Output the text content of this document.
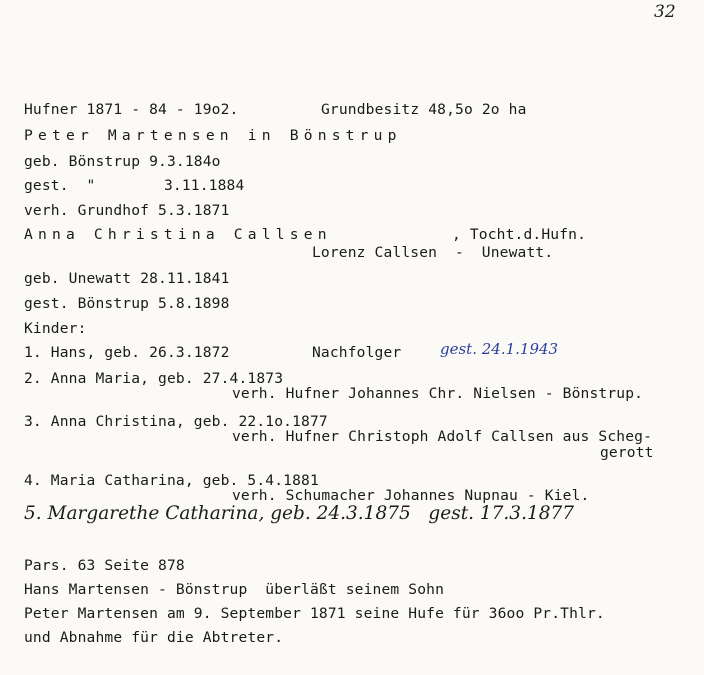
32
Hufner 1871 - 84 - 19o2.	Grundbesitz 48,5o 2o ha
Peter Martensen in Bönstrup
geb. Bönstrup 9.3.184o
gest.  "	3.11.1884
verh. Grundhof 5.3.1871
Anna Christina Callsen	, Tocht.d.Hufn.
Lorenz Callsen  -  Unewatt.
geb. Unewatt 28.11.1841
gest. Bönstrup 5.8.1898
Kinder:
1. Hans, geb. 26.3.1872	Nachfolger	gest. 24.1.1943
2. Anna Maria, geb. 27.4.1873
verh. Hufner Johannes Chr. Nielsen - Bönstrup.
3. Anna Christina, geb. 22.1o.1877
verh. Hufner Christoph Adolf Callsen aus Scheg-
gerott
4. Maria Catharina, geb. 5.4.1881
verh. Schumacher Johannes Nupnau - Kiel.
5. Margarethe Catharina, geb. 24.3.1875   gest. 17.3.1877
Pars. 63 Seite 878
Hans Martensen - Bönstrup  überläßt seinem Sohn
Peter Martensen am 9. September 1871 seine Hufe für 36oo Pr.Thlr.
und Abnahme für die Abtreter.
